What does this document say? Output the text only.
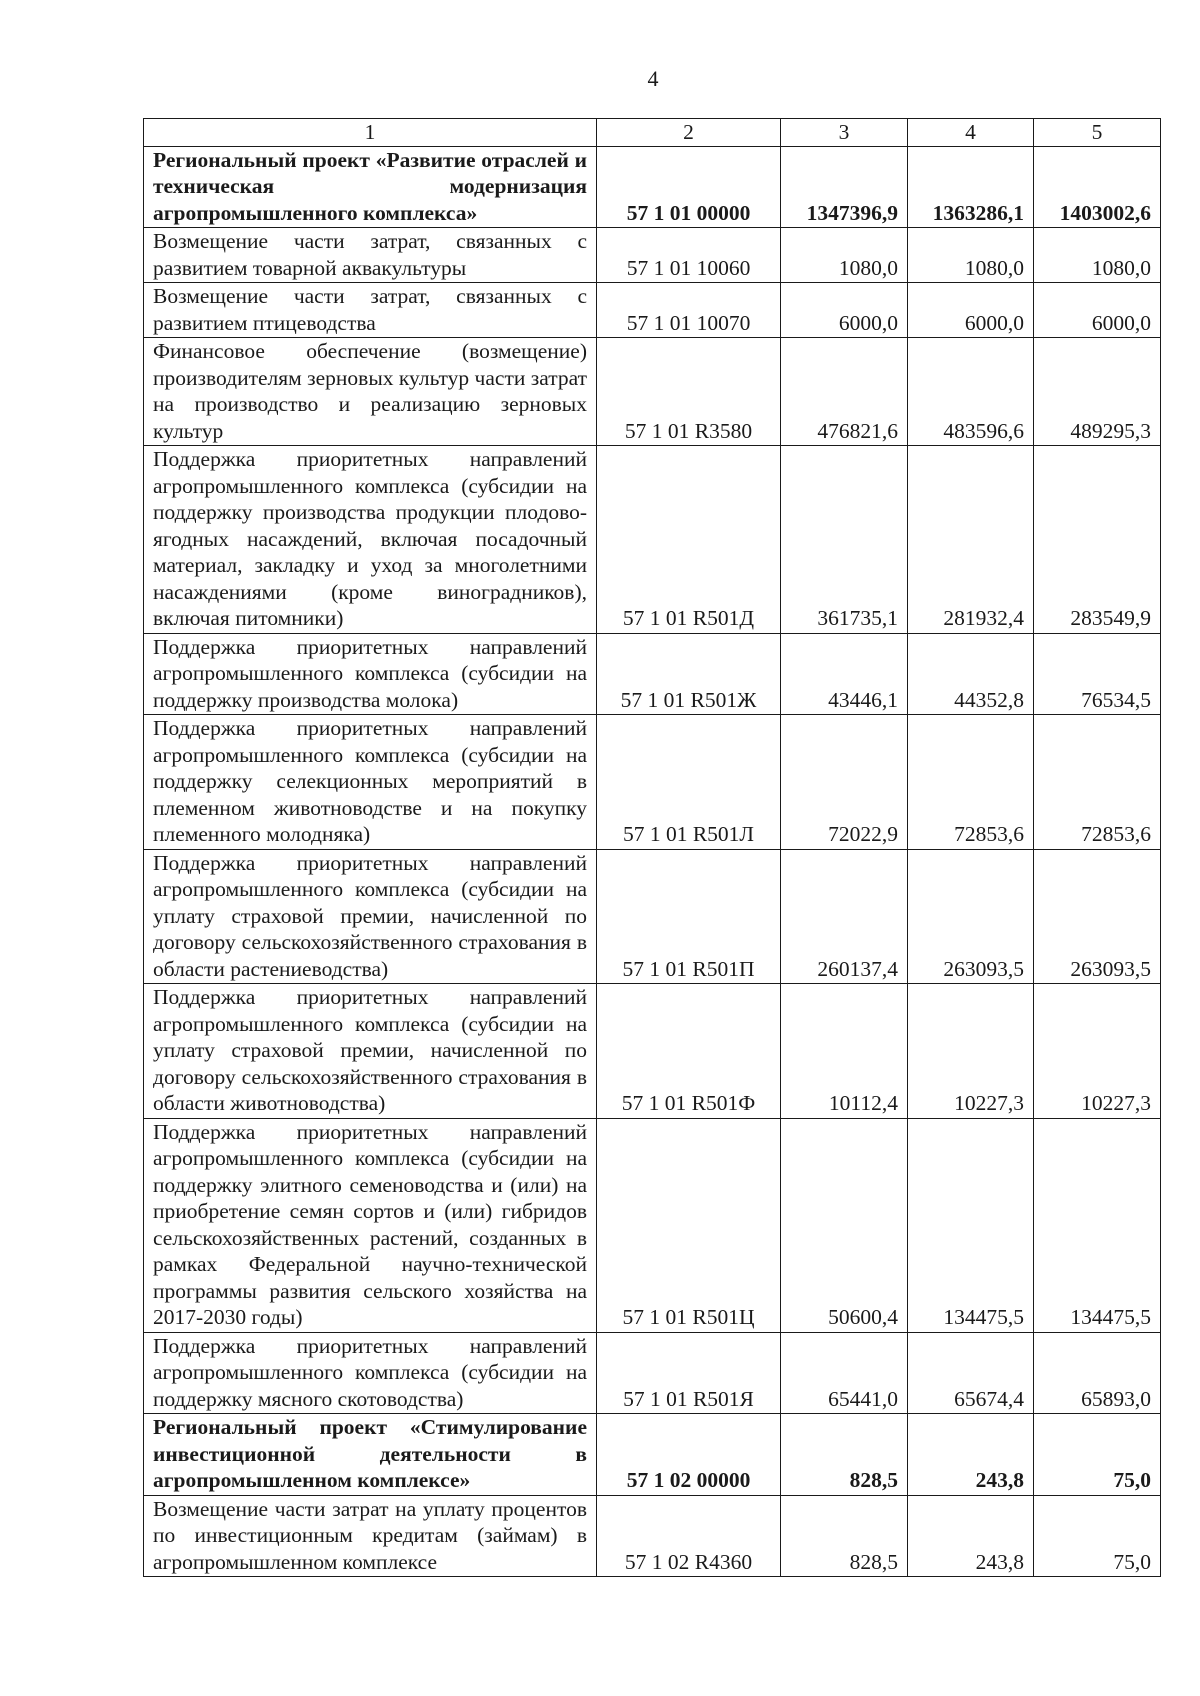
4
1	2	3	4	5
Региональный проект «Развитие отраслей и техническая модернизация агропромышленного комплекса»	57 1 01 00000	1347396,9	1363286,1	1403002,6
Возмещение части затрат, связанных с развитием товарной аквакультуры	57 1 01 10060	1080,0	1080,0	1080,0
Возмещение части затрат, связанных с развитием птицеводства	57 1 01 10070	6000,0	6000,0	6000,0
Финансовое обеспечение (возмещение) производителям зерновых культур части затрат на производство и реализацию зерновых культур	57 1 01 R3580	476821,6	483596,6	489295,3
Поддержка приоритетных направлений агропромышленного комплекса (субсидии на поддержку производства продукции плодово-ягодных насаждений, включая посадочный материал, закладку и уход за многолетними насаждениями (кроме виноградников), включая питомники)	57 1 01 R501Д	361735,1	281932,4	283549,9
Поддержка приоритетных направлений агропромышленного комплекса (субсидии на поддержку производства молока)	57 1 01 R501Ж	43446,1	44352,8	76534,5
Поддержка приоритетных направлений агропромышленного комплекса (субсидии на поддержку селекционных мероприятий в племенном животноводстве и на покупку племенного молодняка)	57 1 01 R501Л	72022,9	72853,6	72853,6
Поддержка приоритетных направлений агропромышленного комплекса (субсидии на уплату страховой премии, начисленной по договору сельскохозяйственного страхования в области растениеводства)	57 1 01 R501П	260137,4	263093,5	263093,5
Поддержка приоритетных направлений агропромышленного комплекса (субсидии на уплату страховой премии, начисленной по договору сельскохозяйственного страхования в области животноводства)	57 1 01 R501Ф	10112,4	10227,3	10227,3
Поддержка приоритетных направлений агропромышленного комплекса (субсидии на поддержку элитного семеноводства и (или) на приобретение семян сортов и (или) гибридов сельскохозяйственных растений, созданных в рамках Федеральной научно-технической программы развития сельского хозяйства на 2017-2030 годы)	57 1 01 R501Ц	50600,4	134475,5	134475,5
Поддержка приоритетных направлений агропромышленного комплекса (субсидии на поддержку мясного скотоводства)	57 1 01 R501Я	65441,0	65674,4	65893,0
Региональный проект «Стимулирование инвестиционной деятельности в агропромышленном комплексе»	57 1 02 00000	828,5	243,8	75,0
Возмещение части затрат на уплату процентов по инвестиционным кредитам (займам) в агропромышленном комплексе	57 1 02 R4360	828,5	243,8	75,0
